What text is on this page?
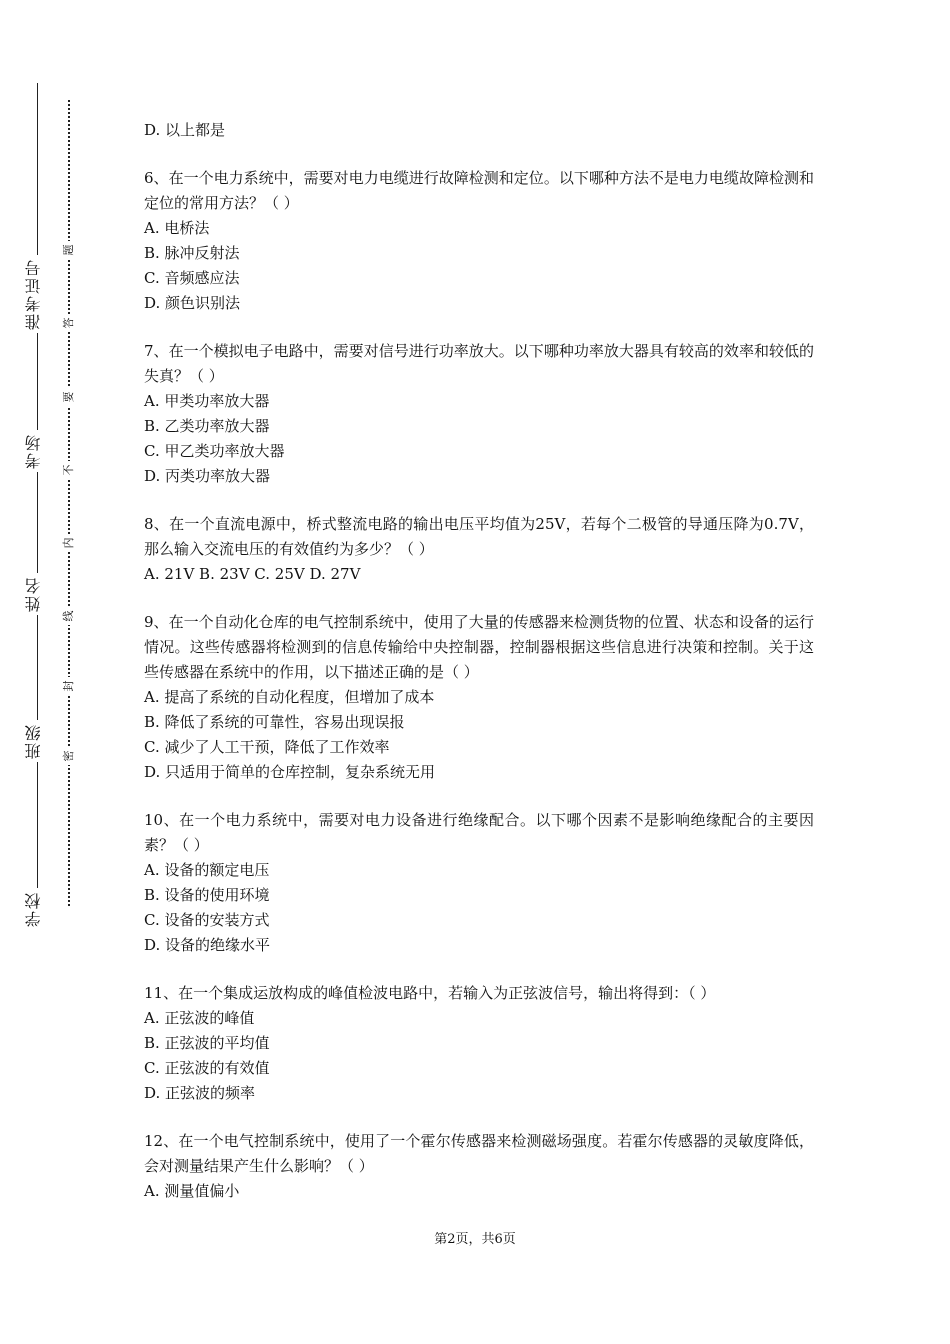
准考证号
考场
姓名
班级
学校
题
答
要
不
内
线
封
密
D. 以上都是
6、在一个电力系统中，需要对电力电缆进行故障检测和定位。以下哪种方法不是电力电缆故障检测和定位的常用方法？（ ）
A. 电桥法
B. 脉冲反射法
C. 音频感应法
D. 颜色识别法
7、在一个模拟电子电路中，需要对信号进行功率放大。以下哪种功率放大器具有较高的效率和较低的失真？（ ）
A. 甲类功率放大器
B. 乙类功率放大器
C. 甲乙类功率放大器
D. 丙类功率放大器
8、在一个直流电源中，桥式整流电路的输出电压平均值为25V，若每个二极管的导通压降为0.7V，那么输入交流电压的有效值约为多少？（ ）
A. 21V B. 23V C. 25V D. 27V
9、在一个自动化仓库的电气控制系统中，使用了大量的传感器来检测货物的位置、状态和设备的运行情况。这些传感器将检测到的信息传输给中央控制器，控制器根据这些信息进行决策和控制。关于这些传感器在系统中的作用，以下描述正确的是（ ）
A. 提高了系统的自动化程度，但增加了成本
B. 降低了系统的可靠性，容易出现误报
C. 减少了人工干预，降低了工作效率
D. 只适用于简单的仓库控制，复杂系统无用
10、在一个电力系统中，需要对电力设备进行绝缘配合。以下哪个因素不是影响绝缘配合的主要因素？（ ）
A. 设备的额定电压
B. 设备的使用环境
C. 设备的安装方式
D. 设备的绝缘水平
11、在一个集成运放构成的峰值检波电路中，若输入为正弦波信号，输出将得到：（ ）
A. 正弦波的峰值
B. 正弦波的平均值
C. 正弦波的有效值
D. 正弦波的频率
12、在一个电气控制系统中，使用了一个霍尔传感器来检测磁场强度。若霍尔传感器的灵敏度降低，会对测量结果产生什么影响？（ ）
A. 测量值偏小
第2页，共6页
